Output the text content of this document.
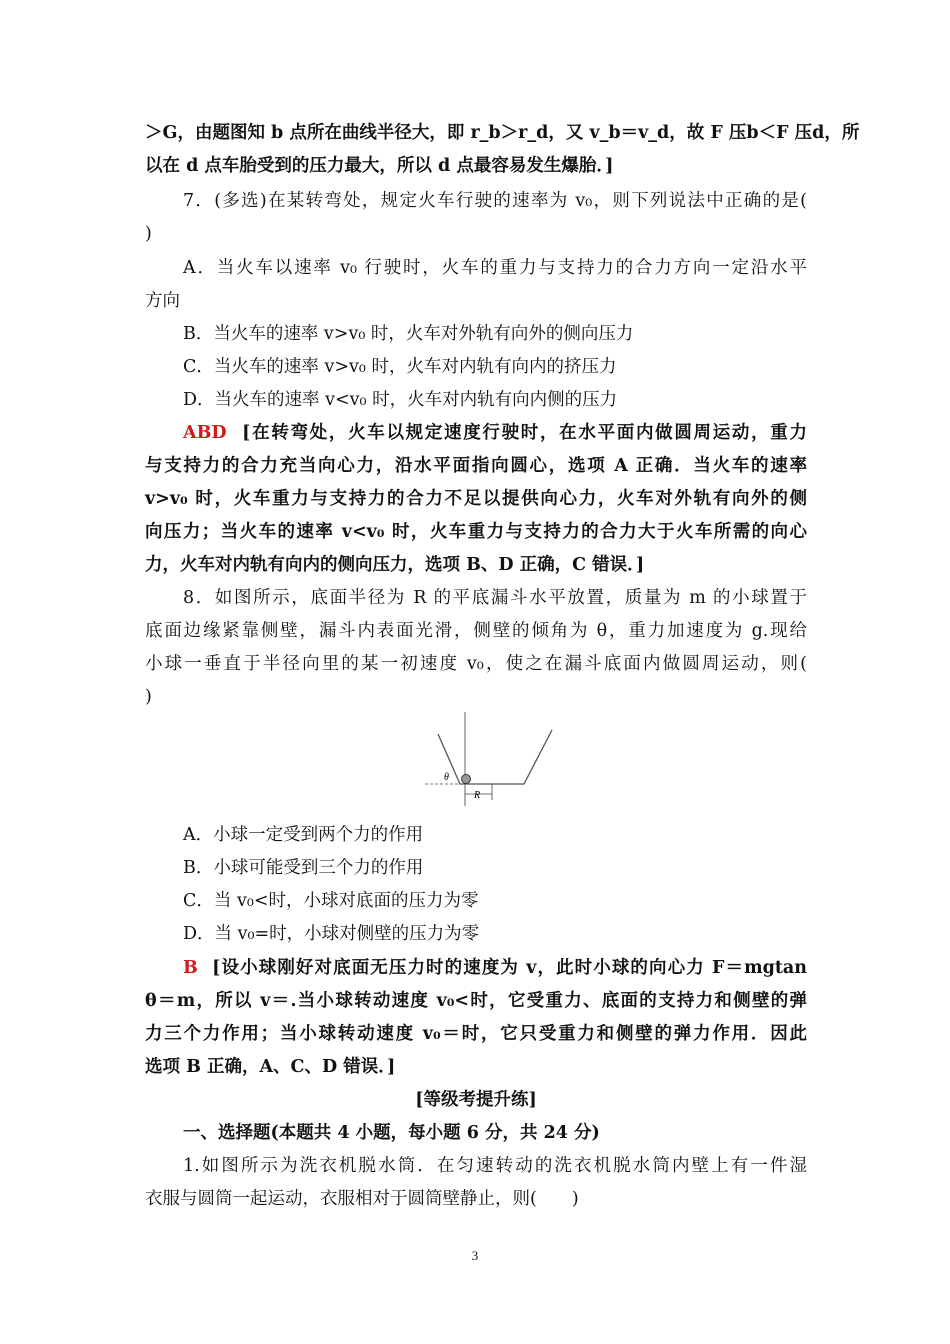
＞G，由题图知 b 点所在曲线半径大，即 r_b＞r_d，又 v_b＝v_d，故 F 压b＜F 压d，所
以在 d 点车胎受到的压力最大，所以 d 点最容易发生爆胎．]
7．(多选)在某转弯处，规定火车行驶的速率为 v₀，则下列说法中正确的是(
)
A．当火车以速率 v₀ 行驶时，火车的重力与支持力的合力方向一定沿水平
方向
B．当火车的速率 v>v₀ 时，火车对外轨有向外的侧向压力
C．当火车的速率 v>v₀ 时，火车对内轨有向内的挤压力
D．当火车的速率 v<v₀ 时，火车对内轨有向内侧的压力
ABD [在转弯处，火车以规定速度行驶时，在水平面内做圆周运动，重力
与支持力的合力充当向心力，沿水平面指向圆心，选项 A 正确．当火车的速率
v>v₀ 时，火车重力与支持力的合力不足以提供向心力，火车对外轨有向外的侧
向压力；当火车的速率 v<v₀ 时，火车重力与支持力的合力大于火车所需的向心
力，火车对内轨有向内的侧向压力，选项 B、D 正确，C 错误．]
8．如图所示，底面半径为 R 的平底漏斗水平放置，质量为 m 的小球置于
底面边缘紧靠侧壁，漏斗内表面光滑，侧壁的倾角为 θ，重力加速度为 g.现给
小球一垂直于半径向里的某一初速度 v₀，使之在漏斗底面内做圆周运动，则(
)
θ
R
A．小球一定受到两个力的作用
B．小球可能受到三个力的作用
C．当 v₀<时，小球对底面的压力为零
D．当 v₀=时，小球对侧壁的压力为零
B [设小球刚好对底面无压力时的速度为 v，此时小球的向心力 F＝mgtan
θ＝m，所以 v＝.当小球转动速度 v₀<时，它受重力、底面的支持力和侧壁的弹
力三个力作用；当小球转动速度 v₀＝时，它只受重力和侧壁的弹力作用．因此
选项 B 正确，A、C、D 错误．]
[等级考提升练]
一、选择题(本题共 4 小题，每小题 6 分，共 24 分)
1.如图所示为洗衣机脱水筒．在匀速转动的洗衣机脱水筒内壁上有一件湿
衣服与圆筒一起运动，衣服相对于圆筒壁静止，则(　　)
3
